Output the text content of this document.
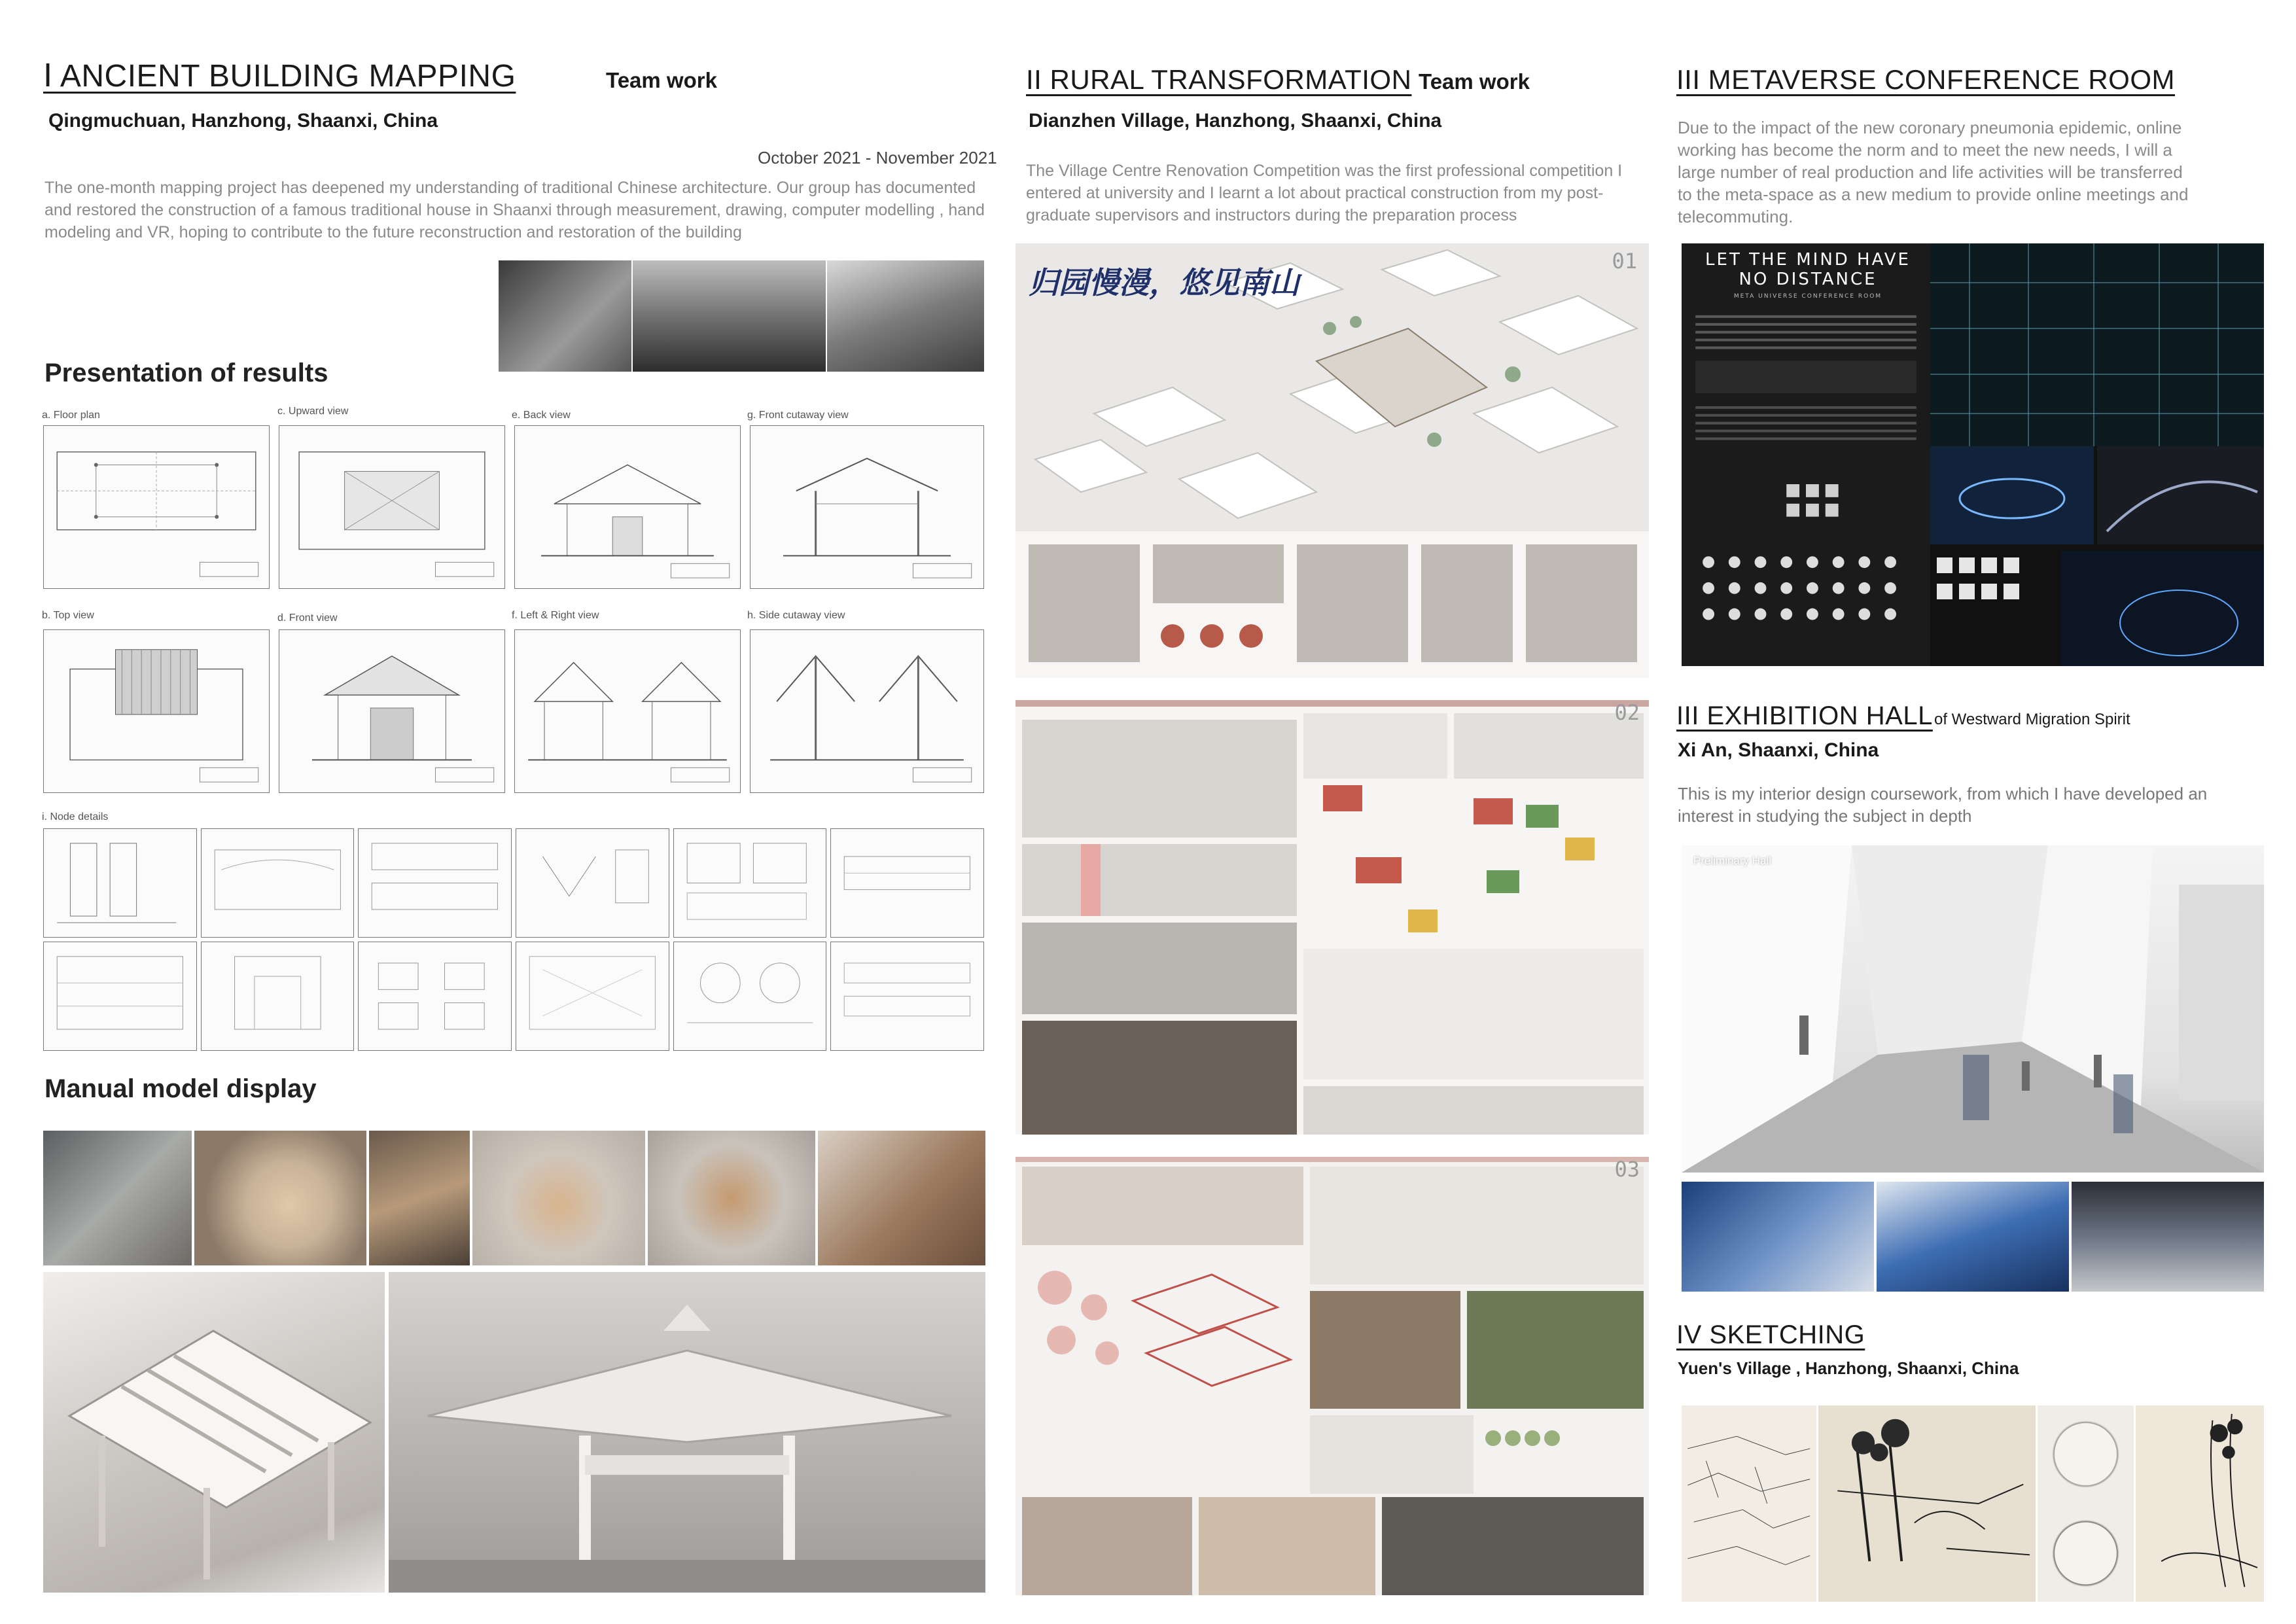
Ⅰ ANCIENT BUILDING MAPPING	Team work
Qingmuchuan, Hanzhong, Shaanxi, China
October 2021 - November 2021
The one-month mapping project has deepened my understanding of traditional Chinese architecture. Our group has documented and restored the construction of a famous traditional house in Shaanxi through measurement, drawing, computer modelling , hand modeling and VR, hoping to contribute to the future reconstruction and restoration of the building
Presentation of results
a. Floor plan	c. Upward view	e. Back view	g. Front cutaway view
b. Top view	d. Front view	f. Left & Right view	h. Side cutaway view
i. Node details
Manual model display
II RURAL TRANSFORMATION Team work
Dianzhen Village, Hanzhong, Shaanxi, China
The Village Centre Renovation Competition was the first professional competition I entered at university and I learnt a lot about practical construction from my post-graduate supervisors and instructors during the preparation process
归园慢漫，悠见南山
01
02
03
III METAVERSE CONFERENCE ROOM
Due to the impact of the new coronary pneumonia epidemic, online working has become the norm and to meet the new needs, I will a large number of real production and life activities will be transferred to the meta-space as a new medium to provide online meetings and telecommuting.
LET THE MIND HAVE NO DISTANCE
META UNIVERSE CONFERENCE ROOM
III EXHIBITION HALL of Westward Migration Spirit
Xi An, Shaanxi, China
This is my interior design coursework, from which I have developed an interest in studying the subject in depth
Preliminary Hall
IV SKETCHING
Yuen's Village , Hanzhong, Shaanxi, China
